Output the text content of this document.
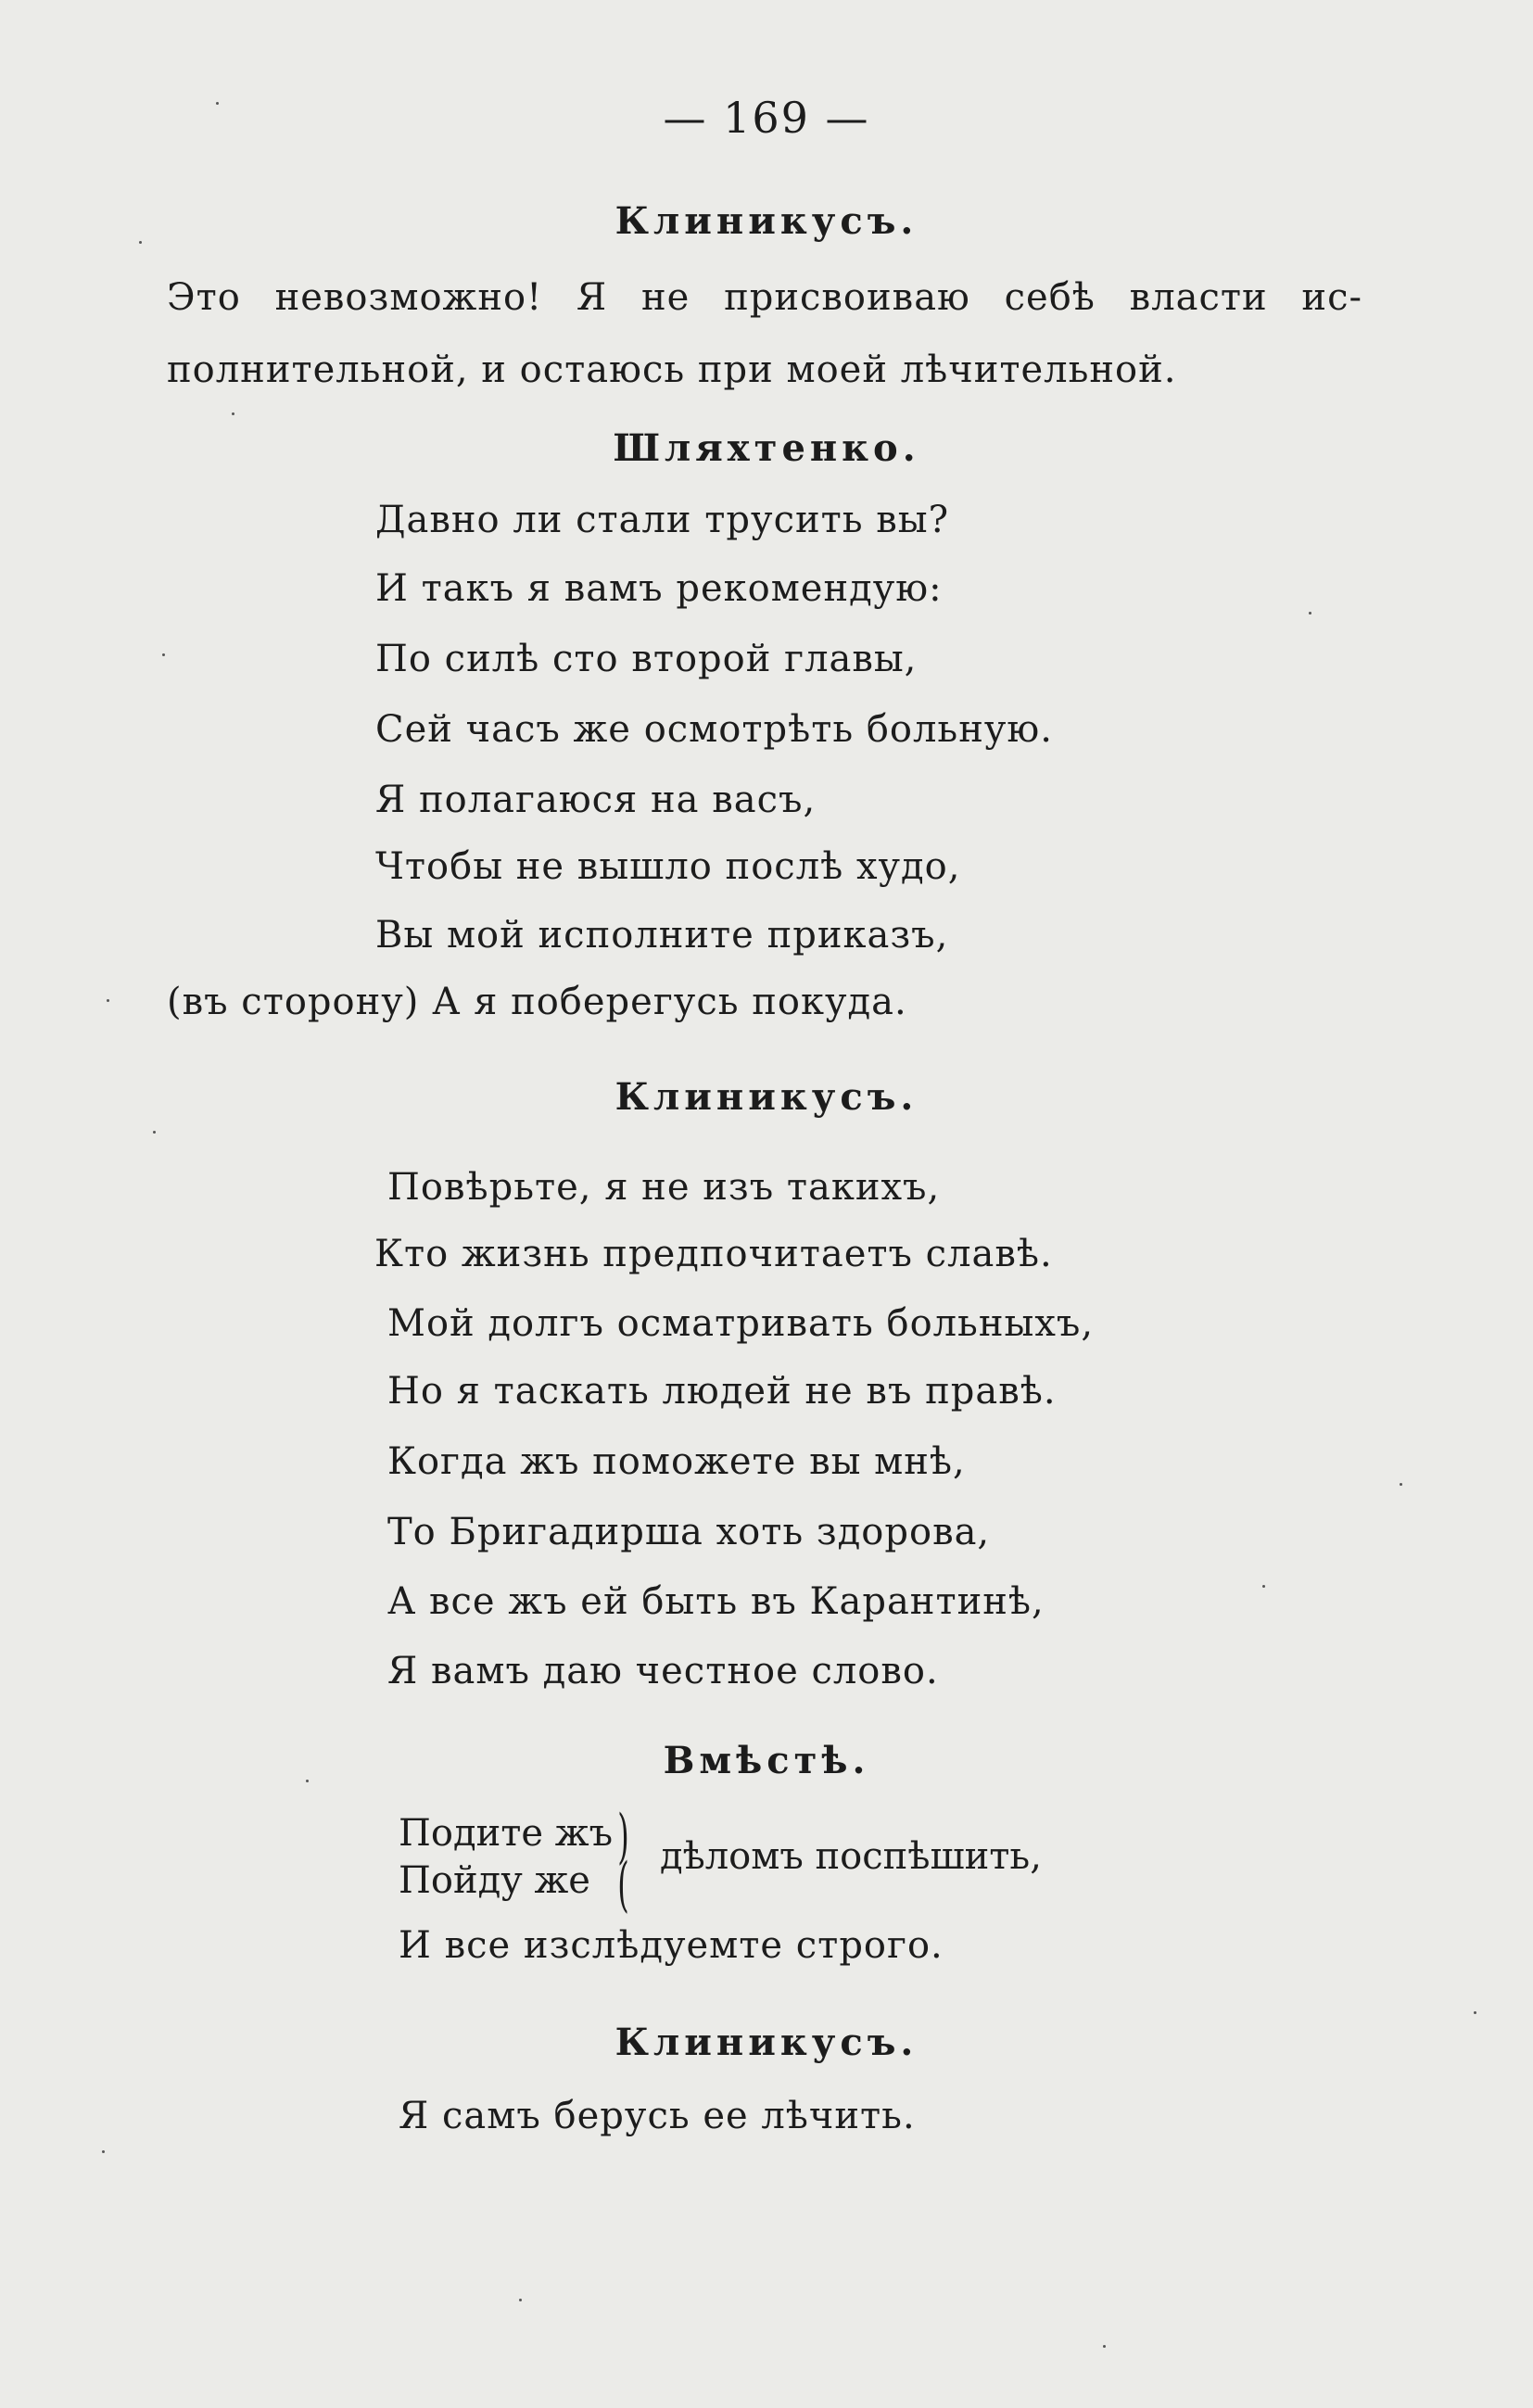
— 169 —
Клиникусъ.
Это невозможно! Я не присвоиваю себѣ власти ис-
полнительной, и остаюсь при моей лѣчительной.
Шляхтенко.
Давно ли стали трусить вы?
И такъ я вамъ рекомендую:
По силѣ сто второй главы,
Сей часъ же осмотрѣть больную.
Я полагаюся на васъ,
Чтобы не вышло послѣ худо,
Вы мой исполните приказъ,
(въ сторону) А я поберегусь покуда.
Клиникусъ.
Повѣрьте, я не изъ такихъ,
Кто жизнь предпочитаетъ славѣ.
Мой долгъ осматривать больныхъ,
Но я таскать людей не въ правѣ.
Когда жъ поможете вы мнѣ,
То Бригадирша хоть здорова,
А все жъ ей быть въ Карантинѣ,
Я вамъ даю честное слово.
Вмѣстѣ.
Подите жъ
Пойду же
)
( дѣломъ поспѣшить,
И все изслѣдуемте строго.
Клиникусъ.
Я самъ берусь ее лѣчить.
